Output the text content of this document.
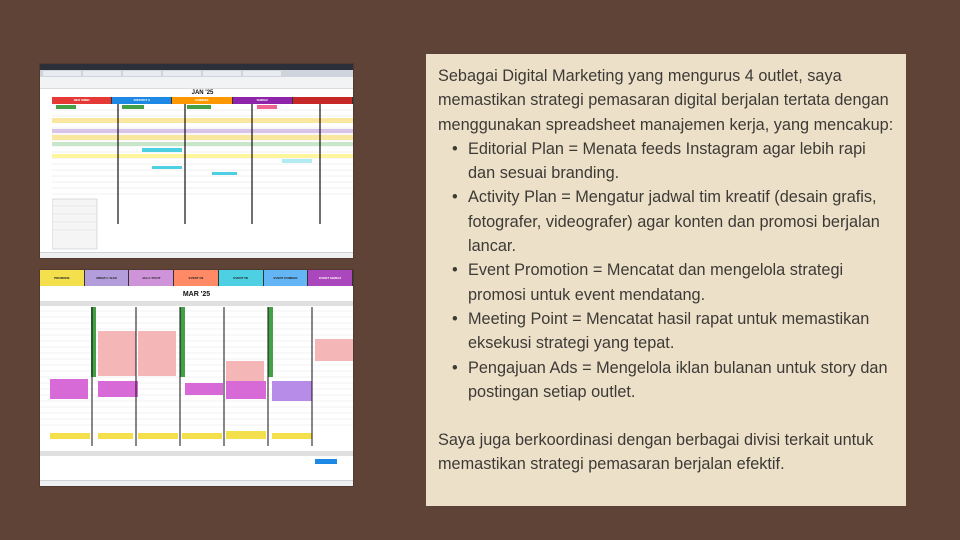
JAN '25
NEO SIMBI	DISTRICT 9	DOMBEE	SHIRAZ
PROMONE	MINATU / BAR	JALU / POUT	EVENT D9	EVENT 5D	EVENT DOMBEE	EVENT SHIRAZ
MAR '25

Sebagai Digital Marketing yang mengurus 4 outlet, saya memastikan strategi pemasaran digital berjalan tertata dengan menggunakan spreadsheet manajemen kerja, yang mencakup:

• Editorial Plan = Menata feeds Instagram agar lebih rapi dan sesuai branding.
• Activity Plan = Mengatur jadwal tim kreatif (desain grafis, fotografer, videografer) agar konten dan promosi berjalan lancar.
• Event Promotion = Mencatat dan mengelola strategi promosi untuk event mendatang.
• Meeting Point = Mencatat hasil rapat untuk memastikan eksekusi strategi yang tepat.
• Pengajuan Ads = Mengelola iklan bulanan untuk story dan postingan setiap outlet.

Saya juga berkoordinasi dengan berbagai divisi terkait untuk memastikan strategi pemasaran berjalan efektif.
